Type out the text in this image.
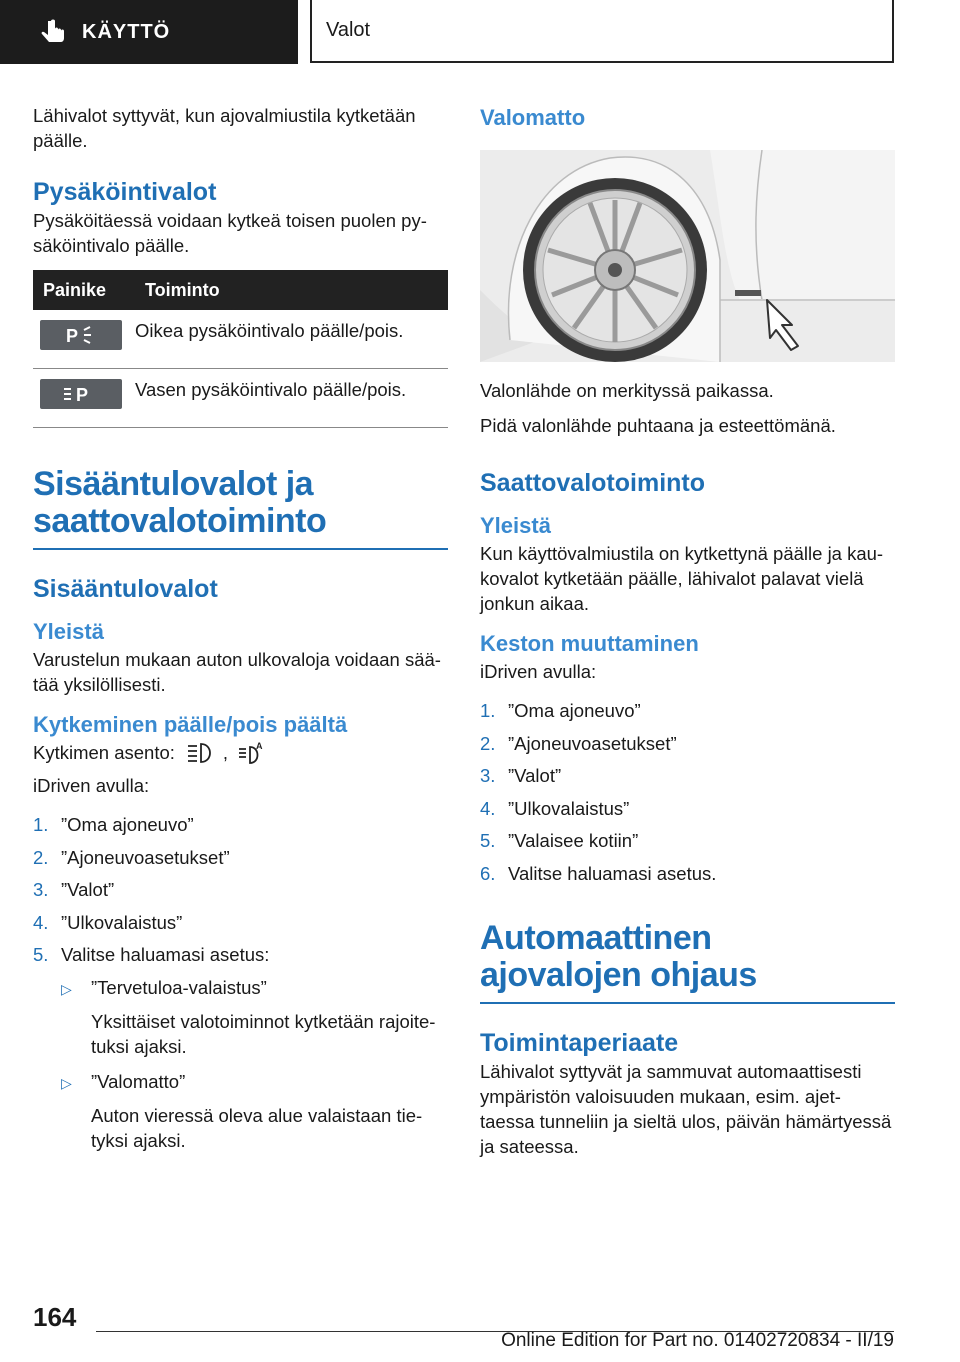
KÄYTTÖ	Valot

Lähivalot syttyvät, kun ajovalmiustila kytketään päälle.

Pysäköintivalot

Pysäköitäessä voidaan kytkeä toisen puolen py-säköintivalo päälle.

Painike	Toiminto

P	Oikea pysäköintivalo päälle/pois.

P	Vasen pysäköintivalo päälle/pois.
Sisääntulovalot ja saattovalotoiminto
Sisääntulovalot
Yleistä

Varustelun mukaan auton ulkovaloja voidaan sää-tää yksilöllisesti.

Kytkeminen päälle/pois päältä

Kytkimen asento:	,	A

iDriven avulla:

1. ”Oma ajoneuvo”
2. ”Ajoneuvoasetukset”
3. ”Valot”
4. ”Ulkovalaistus”
5. Valitse haluamasi asetus:
▷	”Tervetuloa-valaistus”
Yksittäiset valotoiminnot kytketään rajoite-tuksi ajaksi.
▷	”Valomatto”
Auton vieressä oleva alue valaistaan tie-tyksi ajaksi.
Valomatto

Valonlähde on merkityssä paikassa.

Pidä valonlähde puhtaana ja esteettömänä.

Saattovalotoiminto
Yleistä

Kun käyttövalmiustila on kytkettynä päälle ja kau-kovalot kytketään päälle, lähivalot palavat vielä jonkun aikaa.

Keston muuttaminen

iDriven avulla:

1. ”Oma ajoneuvo”
2. ”Ajoneuvoasetukset”
3. ”Valot”
4. ”Ulkovalaistus”
5. ”Valaisee kotiin”
6. Valitse haluamasi asetus.
Automaattinen ajovalojen ohjaus
Toimintaperiaate

Lähivalot syttyvät ja sammuvat automaattisesti ympäristön valoisuuden mukaan, esim. ajet-taessa tunneliin ja sieltä ulos, päivän hämärtyessä ja sateessa.

164
Online Edition for Part no. 01402720834 - II/19
